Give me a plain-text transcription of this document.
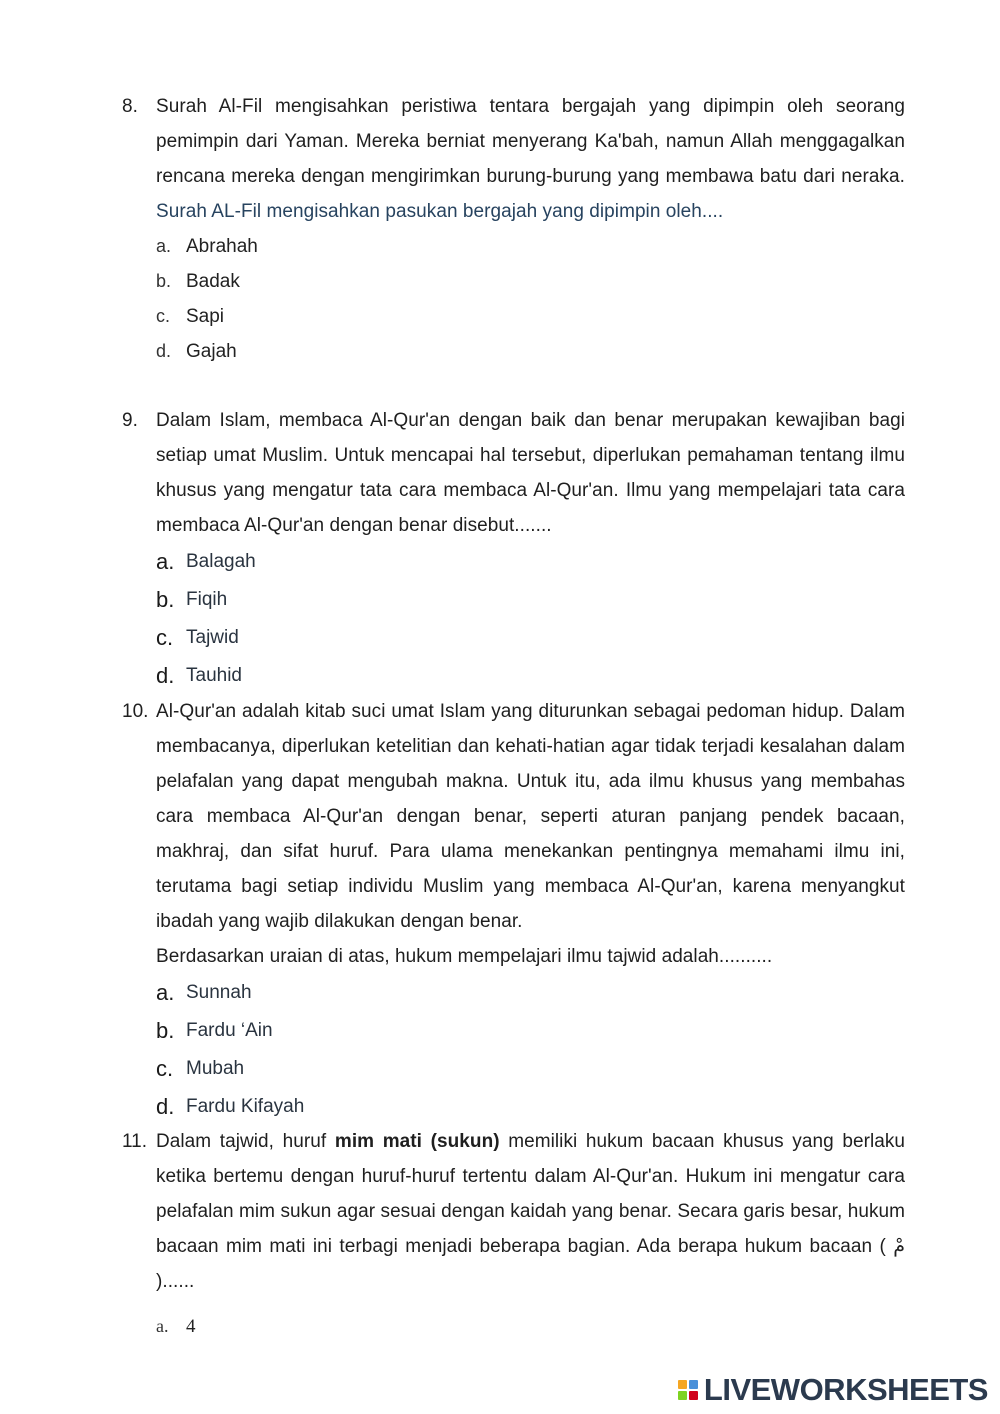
8. Surah Al-Fil mengisahkan peristiwa tentara bergajah yang dipimpin oleh seorang pemimpin dari Yaman. Mereka berniat menyerang Ka'bah, namun Allah menggagalkan rencana mereka dengan mengirimkan burung-burung yang membawa batu dari neraka. Surah AL-Fil mengisahkan pasukan bergajah yang dipimpin oleh....
a. Abrahah
b. Badak
c. Sapi
d. Gajah
9. Dalam Islam, membaca Al-Qur'an dengan baik dan benar merupakan kewajiban bagi setiap umat Muslim. Untuk mencapai hal tersebut, diperlukan pemahaman tentang ilmu khusus yang mengatur tata cara membaca Al-Qur'an. Ilmu yang mempelajari tata cara membaca Al-Qur'an dengan benar disebut.......
a. Balagah
b. Fiqih
c. Tajwid
d. Tauhid
10. Al-Qur'an adalah kitab suci umat Islam yang diturunkan sebagai pedoman hidup. Dalam membacanya, diperlukan ketelitian dan kehati-hatian agar tidak terjadi kesalahan dalam pelafalan yang dapat mengubah makna. Untuk itu, ada ilmu khusus yang membahas cara membaca Al-Qur'an dengan benar, seperti aturan panjang pendek bacaan, makhraj, dan sifat huruf. Para ulama menekankan pentingnya memahami ilmu ini, terutama bagi setiap individu Muslim yang membaca Al-Qur'an, karena menyangkut ibadah yang wajib dilakukan dengan benar.
Berdasarkan uraian di atas, hukum mempelajari ilmu tajwid adalah..........
a. Sunnah
b. Fardu ‘Ain
c. Mubah
d. Fardu Kifayah
11. Dalam tajwid, huruf mim mati (sukun) memiliki hukum bacaan khusus yang berlaku ketika bertemu dengan huruf-huruf tertentu dalam Al-Qur'an. Hukum ini mengatur cara pelafalan mim sukun agar sesuai dengan kaidah yang benar. Secara garis besar, hukum bacaan mim mati ini terbagi menjadi beberapa bagian. Ada berapa hukum bacaan ( مْ )......
a. 4
LIVEWORKSHEETS
